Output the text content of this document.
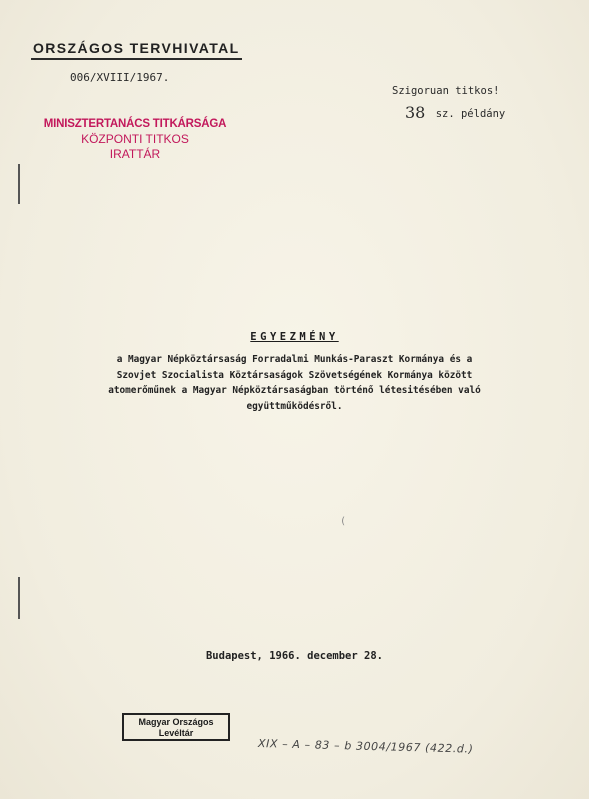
ORSZÁGOS TERVHIVATAL
006/XVIII/1967.
Szigoruan titkos!
38 sz. példány
MINISZTERTANÁCS TITKÁRSÁGA
KÖZPONTI TITKOS
IRATTÁR
EGYEZMÉNY
a Magyar Népköztársaság Forradalmi Munkás-Paraszt Kormánya és a
Szovjet Szocialista Köztársaságok Szövetségének Kormánya között
atomerőműnek a Magyar Népköztársaságban történő létesitésében való
együttműködésről.
(
Budapest, 1966. december 28.
Magyar Országos
Levéltár
XIX – A – 83 – b 3004/1967 (422.d.)
